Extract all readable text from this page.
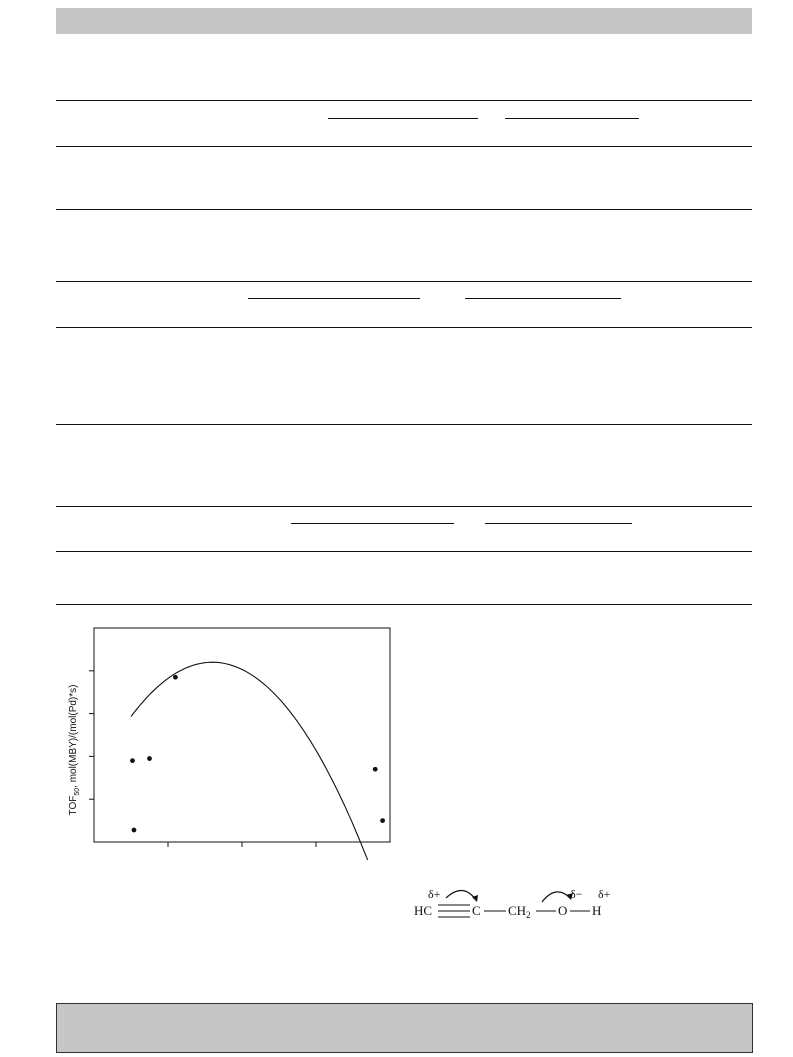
$TOF_{50}$, mol(MBY)/(mol(Pd)*s)
δ+
HC	C $CH_2$
δ−
O
δ+
H
